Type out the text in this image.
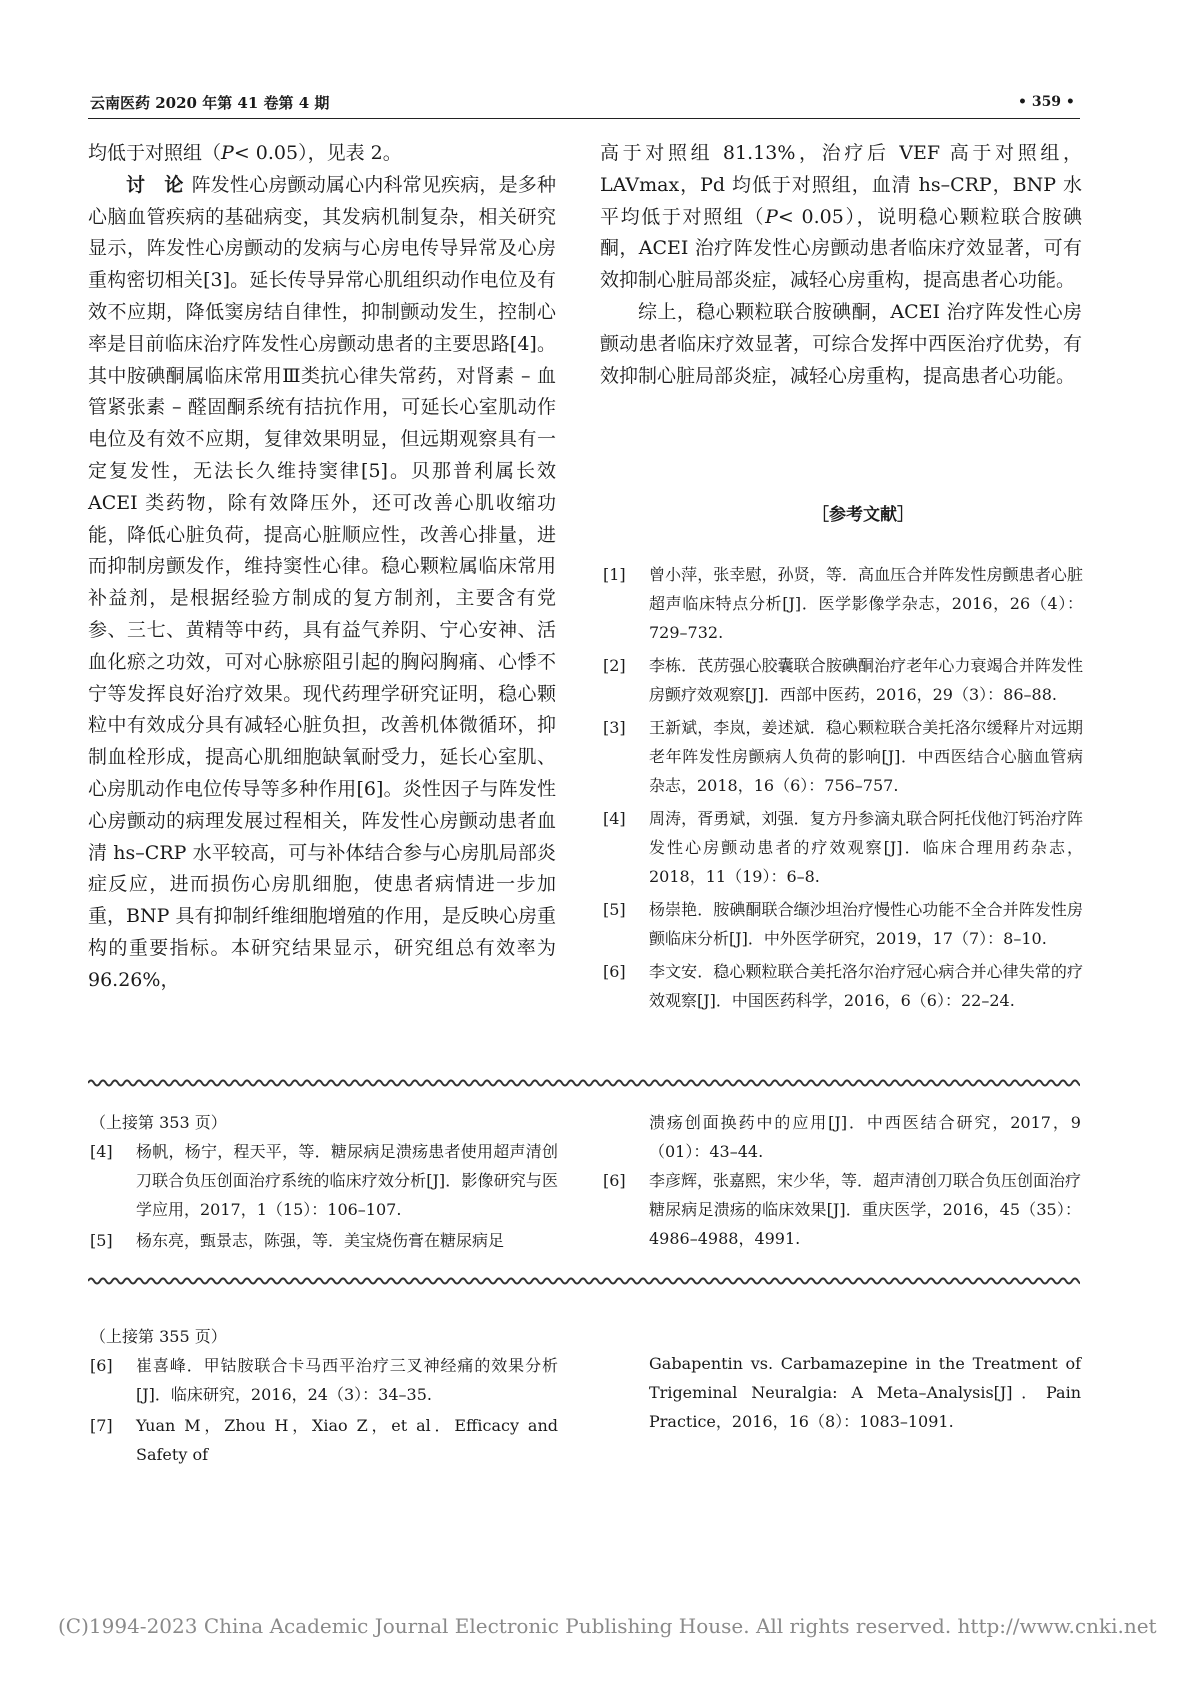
云南医药 2020 年第 41 卷第 4 期	• 359 •

均低于对照组（P< 0.05），见表 2。

讨　论 阵发性心房颤动属心内科常见疾病，是多种心脑血管疾病的基础病变，其发病机制复杂，相关研究显示，阵发性心房颤动的发病与心房电传导异常及心房重构密切相关[3]。延长传导异常心肌组织动作电位及有效不应期，降低窦房结自律性，抑制颤动发生，控制心率是目前临床治疗阵发性心房颤动患者的主要思路[4]。其中胺碘酮属临床常用Ⅲ类抗心律失常药，对肾素 – 血管紧张素 – 醛固酮系统有拮抗作用，可延长心室肌动作电位及有效不应期，复律效果明显，但远期观察具有一定复发性，无法长久维持窦律[5]。贝那普利属长效 ACEI 类药物，除有效降压外，还可改善心肌收缩功能，降低心脏负荷，提高心脏顺应性，改善心排量，进而抑制房颤发作，维持窦性心律。稳心颗粒属临床常用补益剂，是根据经验方制成的复方制剂，主要含有党参、三七、黄精等中药，具有益气养阴、宁心安神、活血化瘀之功效，可对心脉瘀阻引起的胸闷胸痛、心悸不宁等发挥良好治疗效果。现代药理学研究证明，稳心颗粒中有效成分具有减轻心脏负担，改善机体微循环，抑制血栓形成，提高心肌细胞缺氧耐受力，延长心室肌、心房肌动作电位传导等多种作用[6]。炎性因子与阵发性心房颤动的病理发展过程相关，阵发性心房颤动患者血清 hs–CRP 水平较高，可与补体结合参与心房肌局部炎症反应，进而损伤心房肌细胞，使患者病情进一步加重，BNP 具有抑制纤维细胞增殖的作用，是反映心房重构的重要指标。本研究结果显示，研究组总有效率为 96.26%，

高于对照组 81.13%，治疗后 VEF 高于对照组，LAVmax，Pd 均低于对照组，血清 hs–CRP，BNP 水平均低于对照组（P< 0.05），说明稳心颗粒联合胺碘酮，ACEI 治疗阵发性心房颤动患者临床疗效显著，可有效抑制心脏局部炎症，减轻心房重构，提高患者心功能。

综上，稳心颗粒联合胺碘酮，ACEI 治疗阵发性心房颤动患者临床疗效显著，可综合发挥中西医治疗优势，有效抑制心脏局部炎症，减轻心房重构，提高患者心功能。

［参考文献］
[1]	曾小萍，张幸慰，孙贤，等．高血压合并阵发性房颤患者心脏超声临床特点分析[J]．医学影像学杂志，2016，26（4）：729–732.
[2]	李栋．芪苈强心胶囊联合胺碘酮治疗老年心力衰竭合并阵发性房颤疗效观察[J]．西部中医药，2016，29（3）：86–88.
[3]	王新斌，李岚，姜述斌．稳心颗粒联合美托洛尔缓释片对远期老年阵发性房颤病人负荷的影响[J]．中西医结合心脑血管病杂志，2018，16（6）：756–757.
[4]	周涛，胥勇斌，刘强．复方丹参滴丸联合阿托伐他汀钙治疗阵发性心房颤动患者的疗效观察[J]．临床合理用药杂志，2018，11（19）：6–8.
[5]	杨崇艳．胺碘酮联合缬沙坦治疗慢性心功能不全合并阵发性房颤临床分析[J]．中外医学研究，2019，17（7）：8–10.
[6]	李文安．稳心颗粒联合美托洛尔治疗冠心病合并心律失常的疗效观察[J]．中国医药科学，2016，6（6）：22–24.
（上接第 353 页）
[4]	杨帆，杨宁，程天平，等．糖尿病足溃疡患者使用超声清创刀联合负压创面治疗系统的临床疗效分析[J]．影像研究与医学应用，2017，1（15）：106–107.
[5]	杨东亮，甄景志，陈强，等．美宝烧伤膏在糖尿病足
溃疡创面换药中的应用[J]．中西医结合研究，2017，9（01）：43–44.
[6]	李彦辉，张嘉熙，宋少华，等．超声清创刀联合负压创面治疗糖尿病足溃疡的临床效果[J]．重庆医学，2016，45（35）：4986–4988，4991.
（上接第 355 页）
[6]	崔喜峰．甲钴胺联合卡马西平治疗三叉神经痛的效果分析[J]．临床研究，2016，24（3）：34–35.
[7]	Yuan M，Zhou H，Xiao Z，et al．Efficacy and Safety of
Gabapentin vs. Carbamazepine in the Treatment of Trigeminal Neuralgia: A Meta–Analysis[J]．Pain Practice，2016，16（8）：1083–1091.
(C)1994-2023 China Academic Journal Electronic Publishing House. All rights reserved. http://www.cnki.net
